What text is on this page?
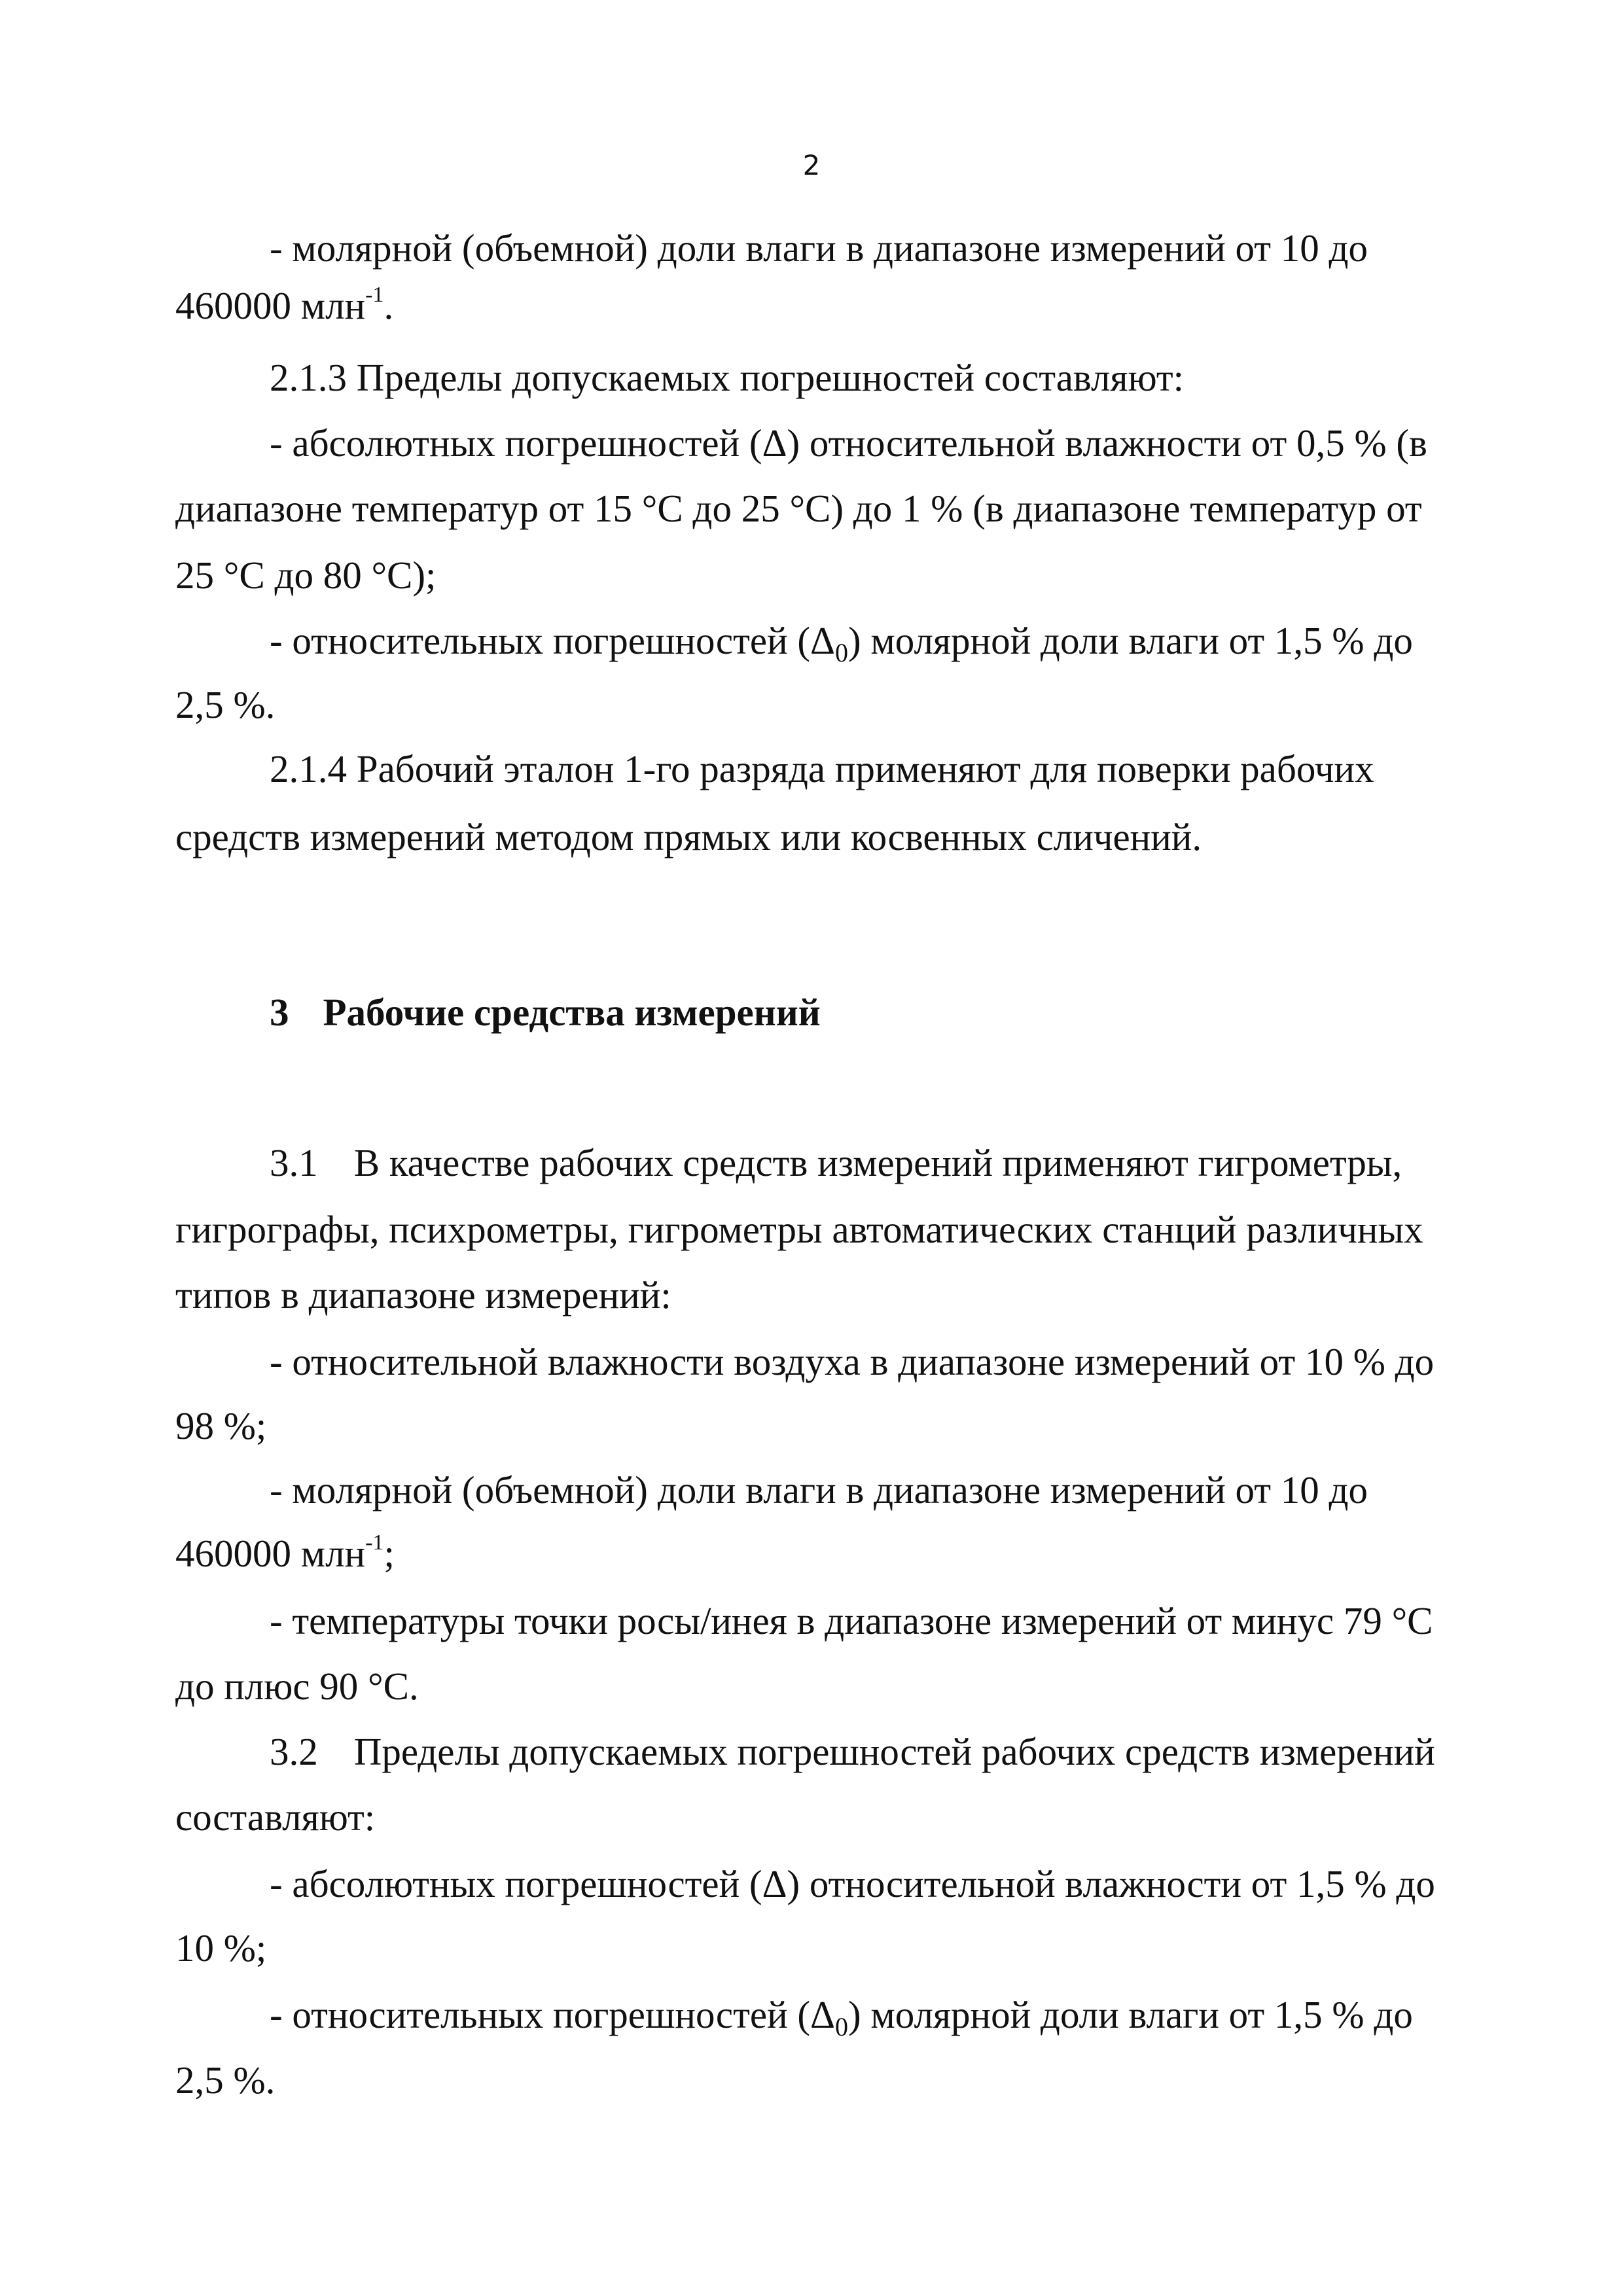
2
- молярной (объемной) доли влаги в диапазоне измерений от 10 до
460000 млн$^{-1}$.
2.1.3 Пределы допускаемых погрешностей составляют:
- абсолютных погрешностей (Δ) относительной влажности от 0,5 % (в
диапазоне температур от 15 °С до 25 °С) до 1 % (в диапазоне температур от
25 °С до 80 °С);
- относительных погрешностей $(\Delta_0)$ молярной доли влаги от 1,5 % до
2,5 %.
2.1.4 Рабочий эталон 1-го разряда применяют для поверки рабочих
средств измерений методом прямых или косвенных сличений.
3 Рабочие средства измерений
3.1 В качестве рабочих средств измерений применяют гигрометры,
гигрографы, психрометры, гигрометры автоматических станций различных
типов в диапазоне измерений:
- относительной влажности воздуха в диапазоне измерений от 10 % до
98 %;
- молярной (объемной) доли влаги в диапазоне измерений от 10 до
460000 млн$^{-1}$;
- температуры точки росы/инея в диапазоне измерений от минус 79 °С
до плюс 90 °С.
3.2 Пределы допускаемых погрешностей рабочих средств измерений
составляют:
- абсолютных погрешностей (Δ) относительной влажности от 1,5 % до
10 %;
- относительных погрешностей $(\Delta_0)$ молярной доли влаги от 1,5 % до
2,5 %.
